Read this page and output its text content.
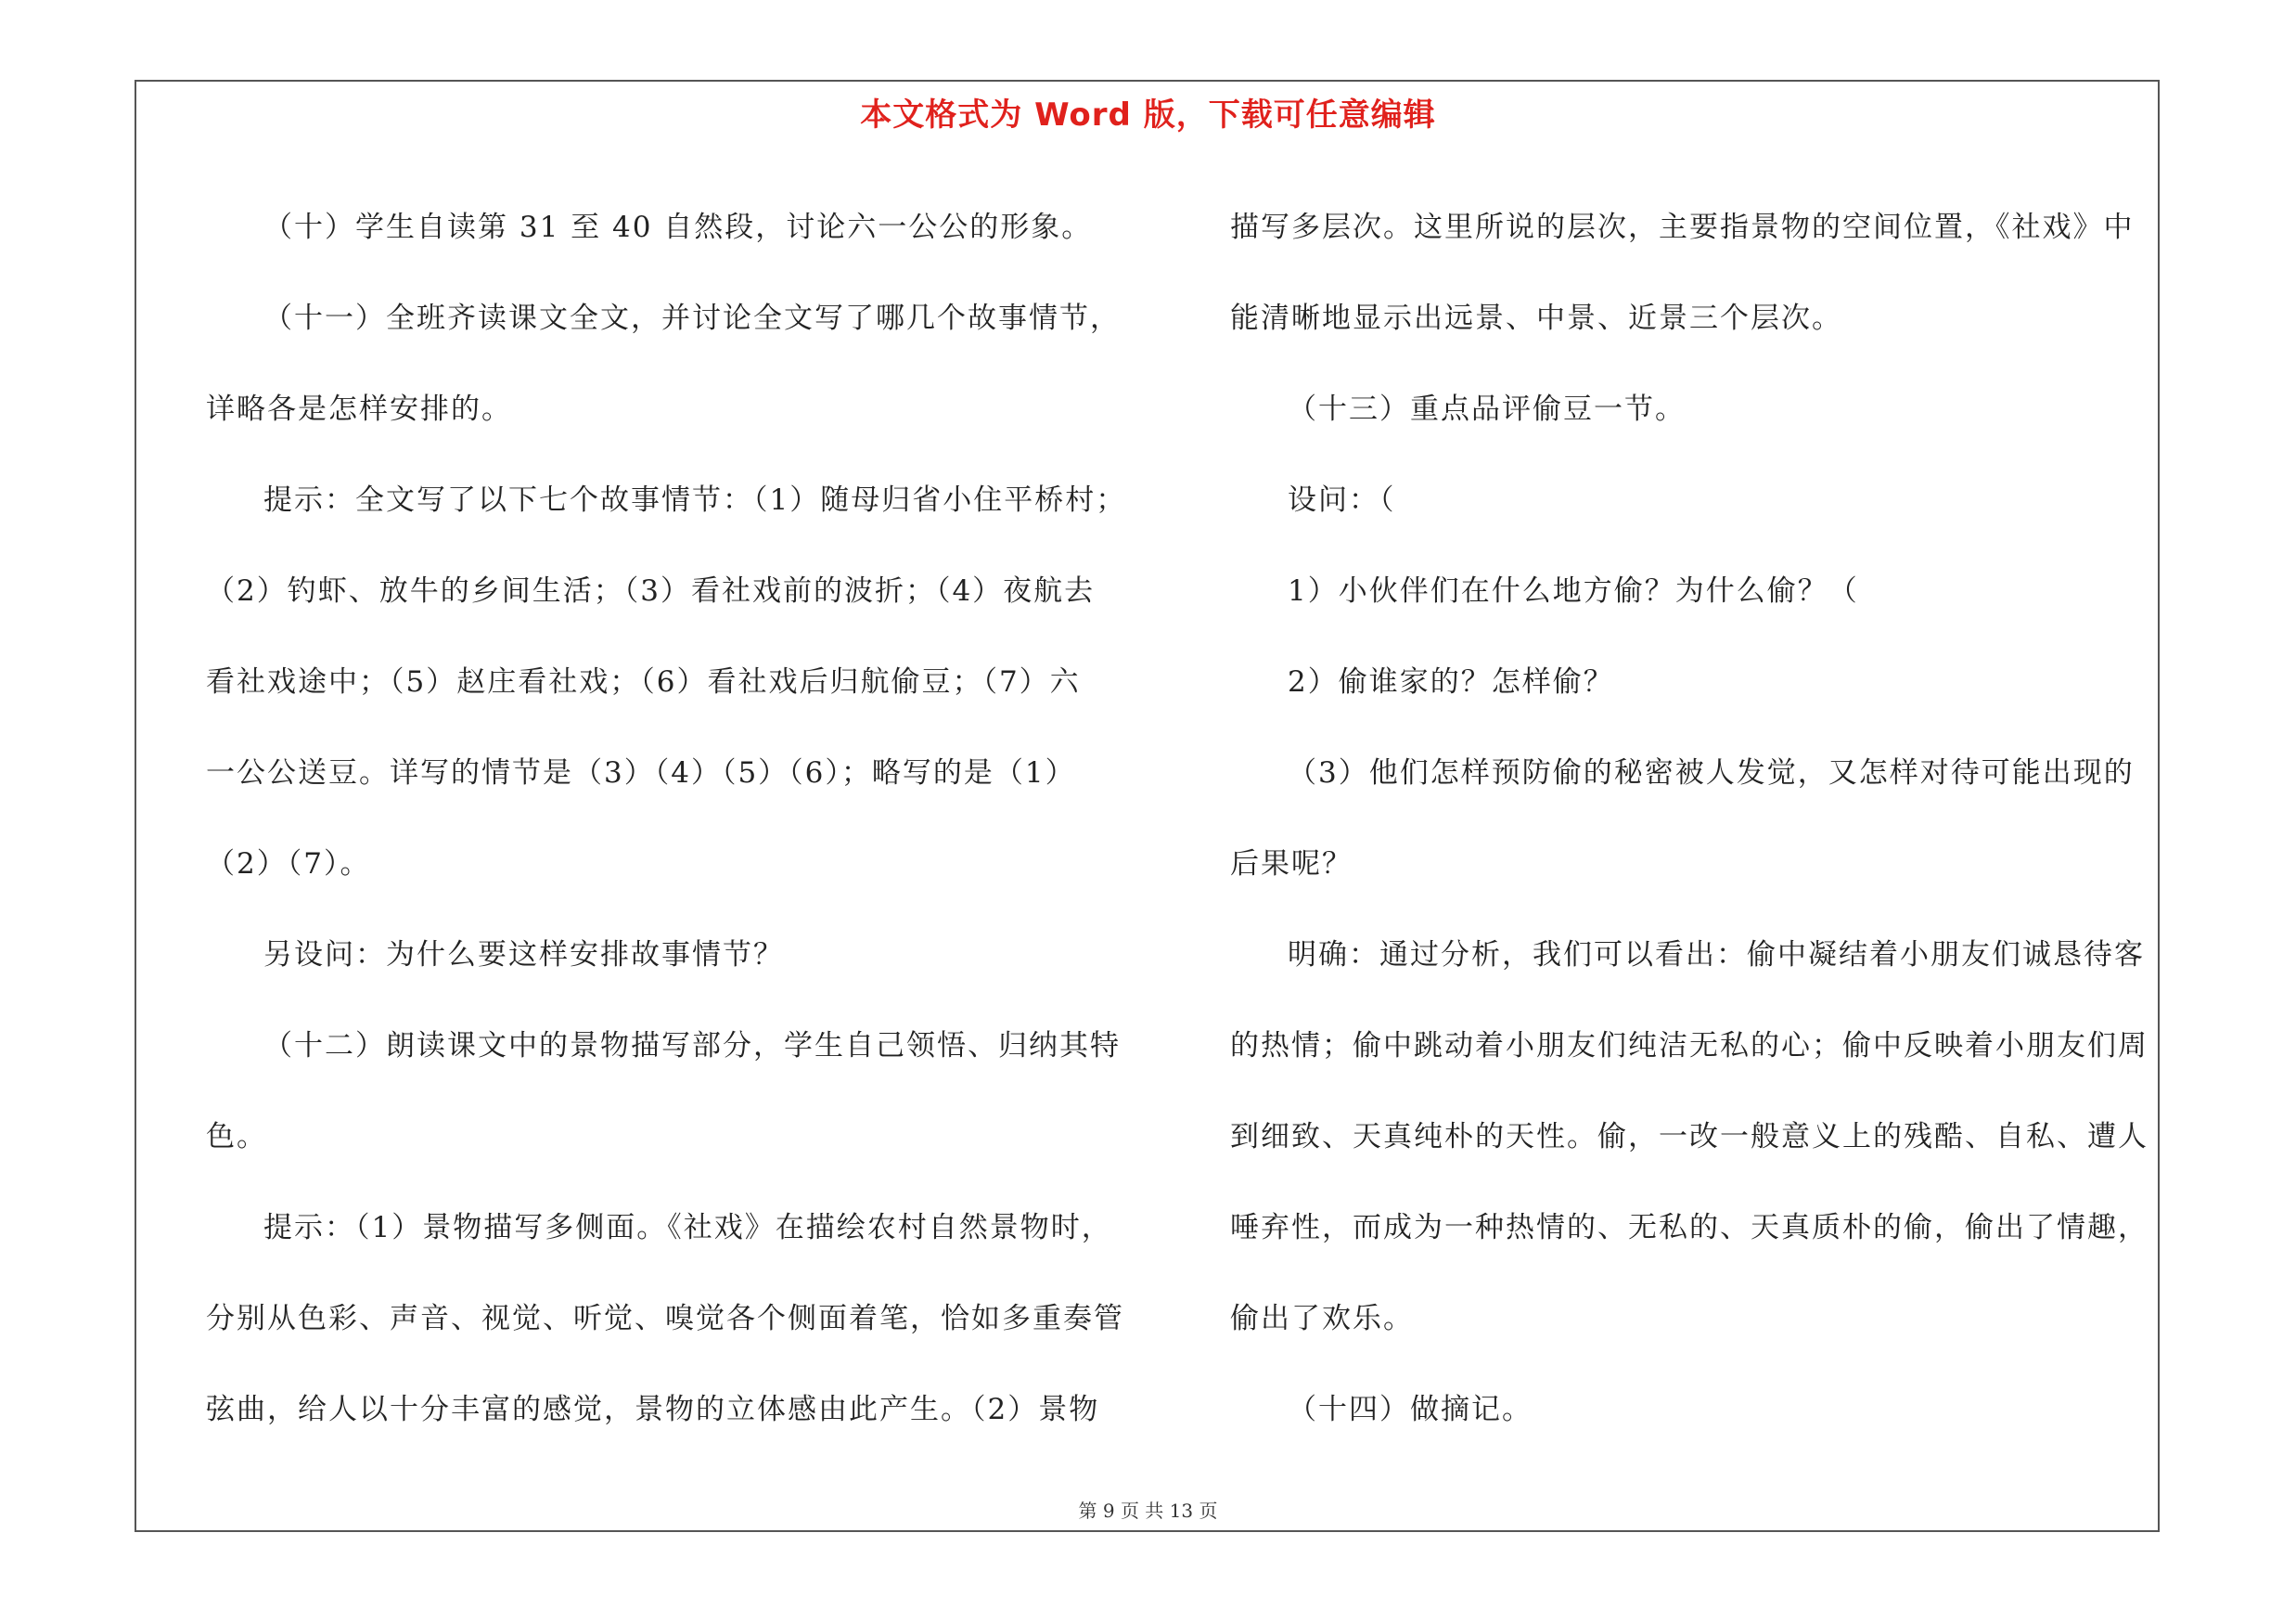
本文格式为 Word 版，下载可任意编辑

（十）学生自读第 31 至 40 自然段，讨论六一公公的形象。

（十一）全班齐读课文全文，并讨论全文写了哪几个故事情节，

详略各是怎样安排的。

提示：全文写了以下七个故事情节：（1）随母归省小住平桥村；

（2）钓虾、放牛的乡间生活；（3）看社戏前的波折；（4）夜航去

看社戏途中；（5）赵庄看社戏；（6）看社戏后归航偷豆；（7）六

一公公送豆。详写的情节是（3）（4）（5）（6）；略写的是（1）

（2）（7）。

另设问：为什么要这样安排故事情节？

（十二）朗读课文中的景物描写部分，学生自己领悟、归纳其特

色。

提示：（1）景物描写多侧面。《社戏》在描绘农村自然景物时，

分别从色彩、声音、视觉、听觉、嗅觉各个侧面着笔，恰如多重奏管

弦曲，给人以十分丰富的感觉，景物的立体感由此产生。（2）景物

描写多层次。这里所说的层次，主要指景物的空间位置，《社戏》中

能清晰地显示出远景、中景、近景三个层次。

（十三）重点品评偷豆一节。

设问：（

1）小伙伴们在什么地方偷？为什么偷？（

2）偷谁家的？怎样偷？

（3）他们怎样预防偷的秘密被人发觉，又怎样对待可能出现的

后果呢？

明确：通过分析，我们可以看出：偷中凝结着小朋友们诚恳待客

的热情；偷中跳动着小朋友们纯洁无私的心；偷中反映着小朋友们周

到细致、天真纯朴的天性。偷，一改一般意义上的残酷、自私、遭人

唾弃性，而成为一种热情的、无私的、天真质朴的偷，偷出了情趣，

偷出了欢乐。

（十四）做摘记。

第 9 页 共 13 页
